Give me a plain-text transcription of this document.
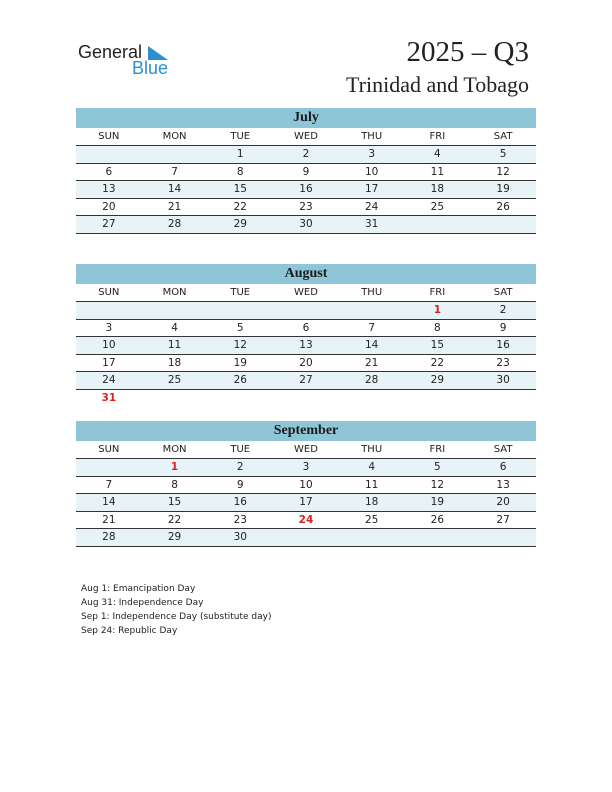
General
Blue	2025 – Q3
Trinidad and Tobago
July
SUN	MON	TUE	WED	THU	FRI	SAT
		1	2	3	4	5
6	7	8	9	10	11	12
13	14	15	16	17	18	19
20	21	22	23	24	25	26
27	28	29	30	31		
August
SUN	MON	TUE	WED	THU	FRI	SAT
					1	2
3	4	5	6	7	8	9
10	11	12	13	14	15	16
17	18	19	20	21	22	23
24	25	26	27	28	29	30
31						
September
SUN	MON	TUE	WED	THU	FRI	SAT
	1	2	3	4	5	6
7	8	9	10	11	12	13
14	15	16	17	18	19	20
21	22	23	24	25	26	27
28	29	30				
Aug 1: Emancipation Day
Aug 31: Independence Day
Sep 1: Independence Day (substitute day)
Sep 24: Republic Day
